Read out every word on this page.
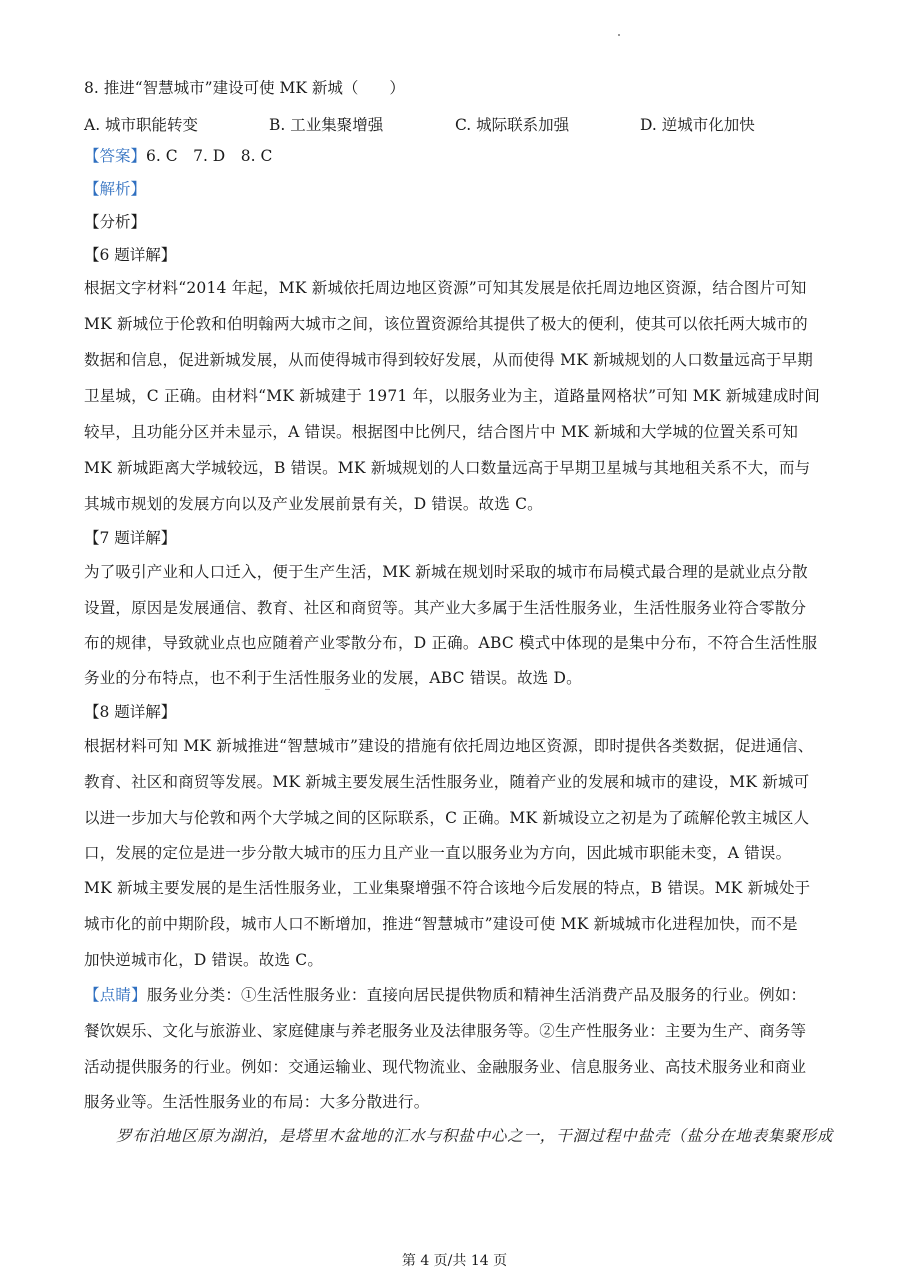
8. 推进“智慧城市”建设可使 MK 新城（　　）
A. 城市职能转变	B. 工业集聚增强	C. 城际联系加强	D. 逆城市化加快
【答案】6. C　7. D　8. C
【解析】
【分析】
【6 题详解】
根据文字材料“2014 年起，MK 新城依托周边地区资源”可知其发展是依托周边地区资源，结合图片可知
MK 新城位于伦敦和伯明翰两大城市之间，该位置资源给其提供了极大的便利，使其可以依托两大城市的
数据和信息，促进新城发展，从而使得城市得到较好发展，从而使得 MK 新城规划的人口数量远高于早期
卫星城，C 正确。由材料“MK 新城建于 1971 年，以服务业为主，道路量网格状”可知 MK 新城建成时间
较早，且功能分区并未显示，A 错误。根据图中比例尺，结合图片中 MK 新城和大学城的位置关系可知
MK 新城距离大学城较远，B 错误。MK 新城规划的人口数量远高于早期卫星城与其地租关系不大，而与
其城市规划的发展方向以及产业发展前景有关，D 错误。故选 C。
【7 题详解】
为了吸引产业和人口迁入，便于生产生活，MK 新城在规划时采取的城市布局模式最合理的是就业点分散
设置，原因是发展通信、教育、社区和商贸等。其产业大多属于生活性服务业，生活性服务业符合零散分
布的规律，导致就业点也应随着产业零散分布，D 正确。ABC 模式中体现的是集中分布，不符合生活性服
务业的分布特点，也不利于生活性服务业的发展，ABC 错误。故选 D。
【8 题详解】
根据材料可知 MK 新城推进“智慧城市”建设的措施有依托周边地区资源，即时提供各类数据，促进通信、
教育、社区和商贸等发展。MK 新城主要发展生活性服务业，随着产业的发展和城市的建设，MK 新城可
以进一步加大与伦敦和两个大学城之间的区际联系，C 正确。MK 新城设立之初是为了疏解伦敦主城区人
口，发展的定位是进一步分散大城市的压力且产业一直以服务业为方向，因此城市职能未变，A 错误。
MK 新城主要发展的是生活性服务业，工业集聚增强不符合该地今后发展的特点，B 错误。MK 新城处于
城市化的前中期阶段，城市人口不断增加，推进“智慧城市”建设可使 MK 新城城市化进程加快，而不是
加快逆城市化，D 错误。故选 C。
【点睛】服务业分类：①生活性服务业：直接向居民提供物质和精神生活消费产品及服务的行业。例如：
餐饮娱乐、文化与旅游业、家庭健康与养老服务业及法律服务等。②生产性服务业：主要为生产、商务等
活动提供服务的行业。例如：交通运输业、现代物流业、金融服务业、信息服务业、高技术服务业和商业
服务业等。生活性服务业的布局：大多分散进行。
罗布泊地区原为湖泊，是塔里木盆地的汇水与积盐中心之一，干涸过程中盐壳（盐分在地表集聚形成
第 4 页/共 14 页
